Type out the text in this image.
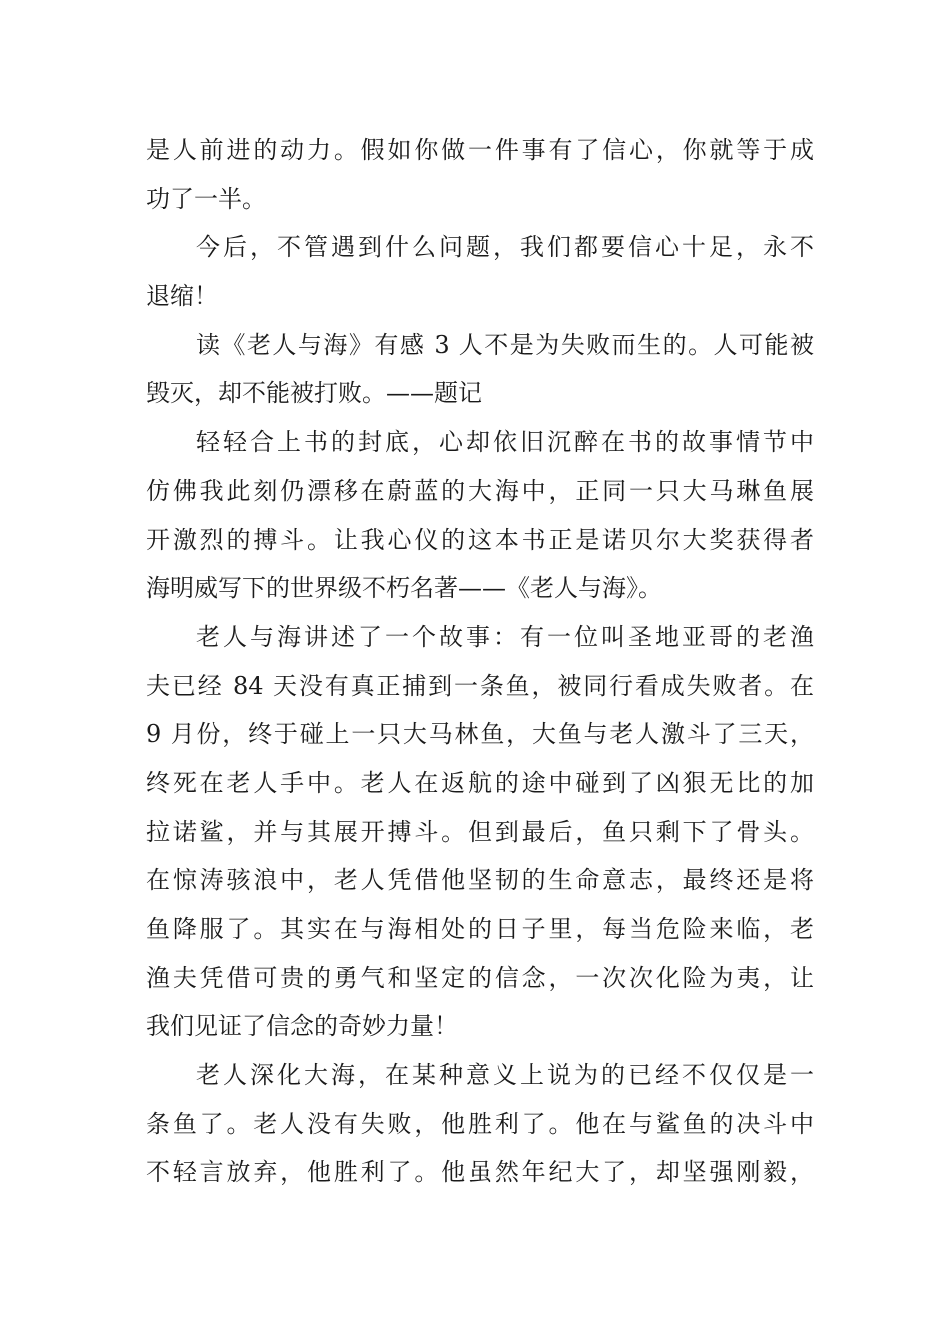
是人前进的动力。假如你做一件事有了信心，你就等于成
功了一半。
今后，不管遇到什么问题，我们都要信心十足，永不
退缩！
读《老人与海》有感 3 人不是为失败而生的。人可能被
毁灭，却不能被打败。——题记
轻轻合上书的封底，心却依旧沉醉在书的故事情节中
仿佛我此刻仍漂移在蔚蓝的大海中，正同一只大马琳鱼展
开激烈的搏斗。让我心仪的这本书正是诺贝尔大奖获得者
海明威写下的世界级不朽名著——《老人与海》。
老人与海讲述了一个故事：有一位叫圣地亚哥的老渔
夫已经 84 天没有真正捕到一条鱼，被同行看成失败者。在
9 月份，终于碰上一只大马林鱼，大鱼与老人激斗了三天，
终死在老人手中。老人在返航的途中碰到了凶狠无比的加
拉诺鲨，并与其展开搏斗。但到最后，鱼只剩下了骨头。
在惊涛骇浪中，老人凭借他坚韧的生命意志，最终还是将
鱼降服了。其实在与海相处的日子里，每当危险来临，老
渔夫凭借可贵的勇气和坚定的信念，一次次化险为夷，让
我们见证了信念的奇妙力量！
老人深化大海，在某种意义上说为的已经不仅仅是一
条鱼了。老人没有失败，他胜利了。他在与鲨鱼的决斗中
不轻言放弃，他胜利了。他虽然年纪大了，却坚强刚毅，
